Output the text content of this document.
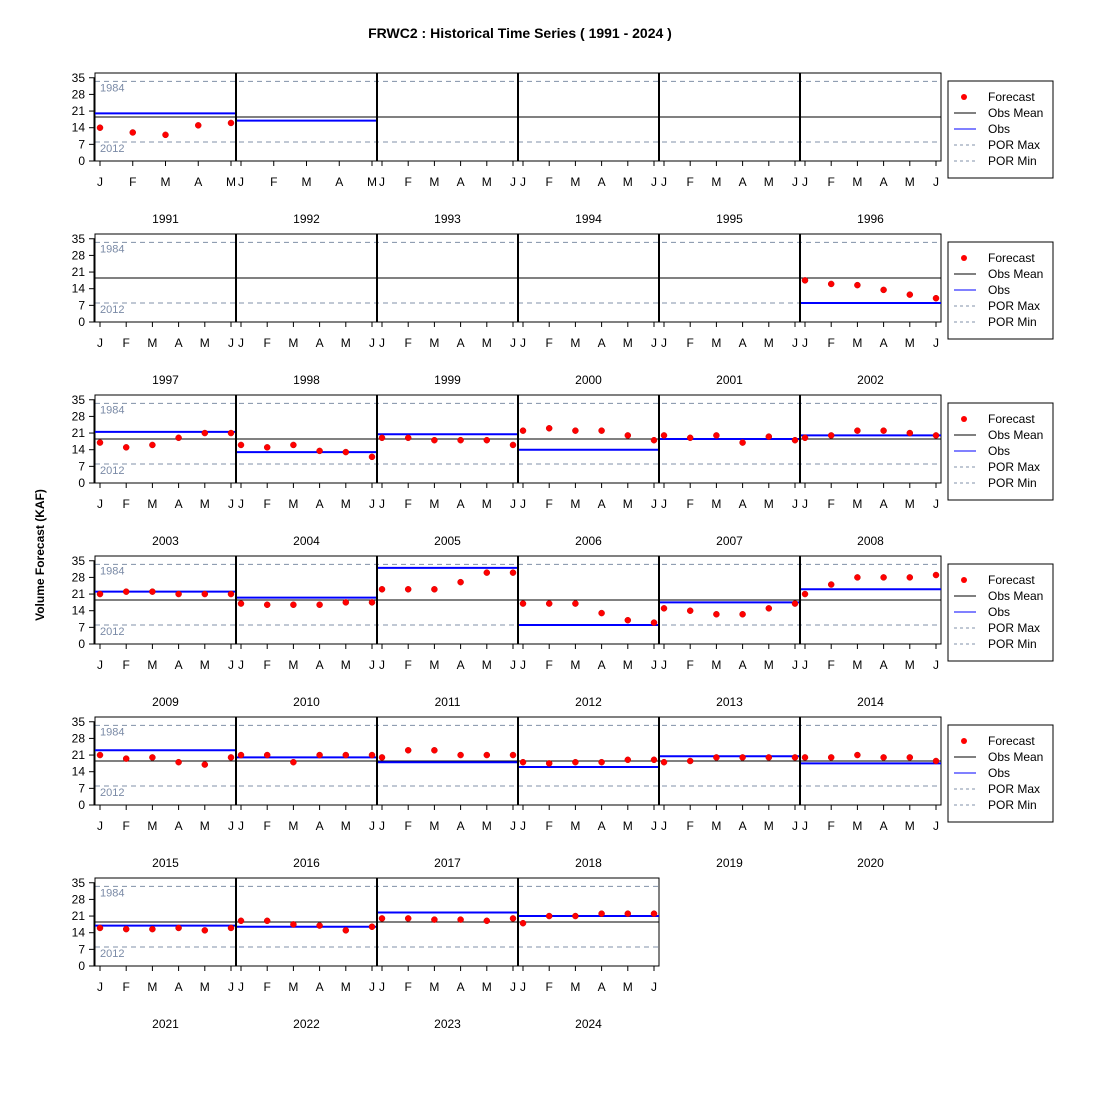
FRWC2 : Historical Time Series ( 1991 - 2024 )
Volume Forecast (KAF)
0
7
14
21
28
35
1984
2012
J F M A M
1991
J F M A M
1992
J F M A M J
1993
J F M A M J
1994
J F M A M J
1995
J F M A M J
1996
0
7
14
21
28
35
1984
2012
J F M A M J
1997
J F M A M J
1998
J F M A M J
1999
J F M A M J
2000
J F M A M J
2001
J F M A M J
2002
0
7
14
21
28
35
1984
2012
J F M A M J
2003
J F M A M J
2004
J F M A M J
2005
J F M A M J
2006
J F M A M J
2007
J F M A M J
2008
0
7
14
21
28
35
1984
2012
J F M A M J
2009
J F M A M J
2010
J F M A M J
2011
J F M A M J
2012
J F M A M J
2013
J F M A M J
2014
0
7
14
21
28
35
1984
2012
J F M A M J
2015
J F M A M J
2016
J F M A M J
2017
J F M A M J
2018
J F M A M J
2019
J F M A M J
2020
0
7
14
21
28
35
1984
2012
J F M A M J
2021
J F M A M J
2022
J F M A M J
2023
J F M A M J
2024
Forecast
Obs Mean
Obs
POR Max
POR Min
Forecast
Obs Mean
Obs
POR Max
POR Min
Forecast
Obs Mean
Obs
POR Max
POR Min
Forecast
Obs Mean
Obs
POR Max
POR Min
Forecast
Obs Mean
Obs
POR Max
POR Min
